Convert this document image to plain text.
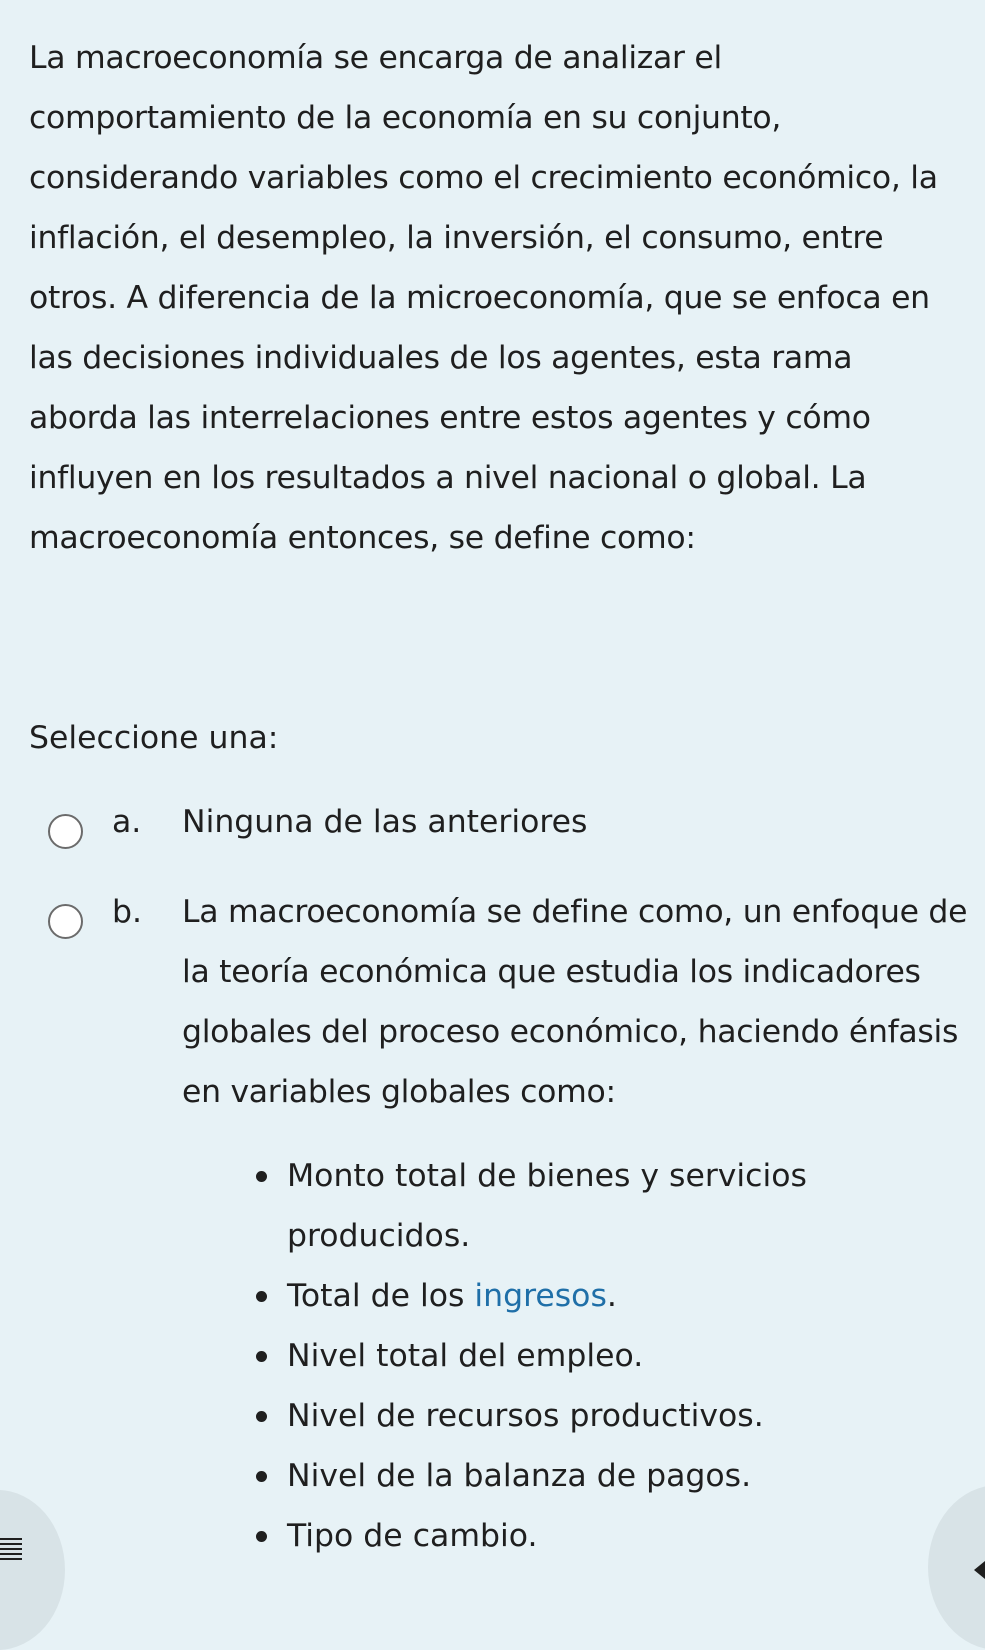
La macroeconomía se encarga de analizar el comportamiento de la economía en su conjunto, considerando variables como el crecimiento económico, la inflación, el desempleo, la inversión, el consumo, entre otros. A diferencia de la microeconomía, que se enfoca en las decisiones individuales de los agentes, esta rama aborda las interrelaciones entre estos agentes y cómo influyen en los resultados a nivel nacional o global. La macroeconomía entonces, se define como:

Seleccione una:

a. Ninguna de las anteriores

b. La macroeconomía se define como, un enfoque de la teoría económica que estudia los indicadores globales del proceso económico, haciendo énfasis en variables globales como:

Monto total de bienes y servicios producidos.
Total de los ingresos.
Nivel total del empleo.
Nivel de recursos productivos.
Nivel de la balanza de pagos.
Tipo de cambio.
